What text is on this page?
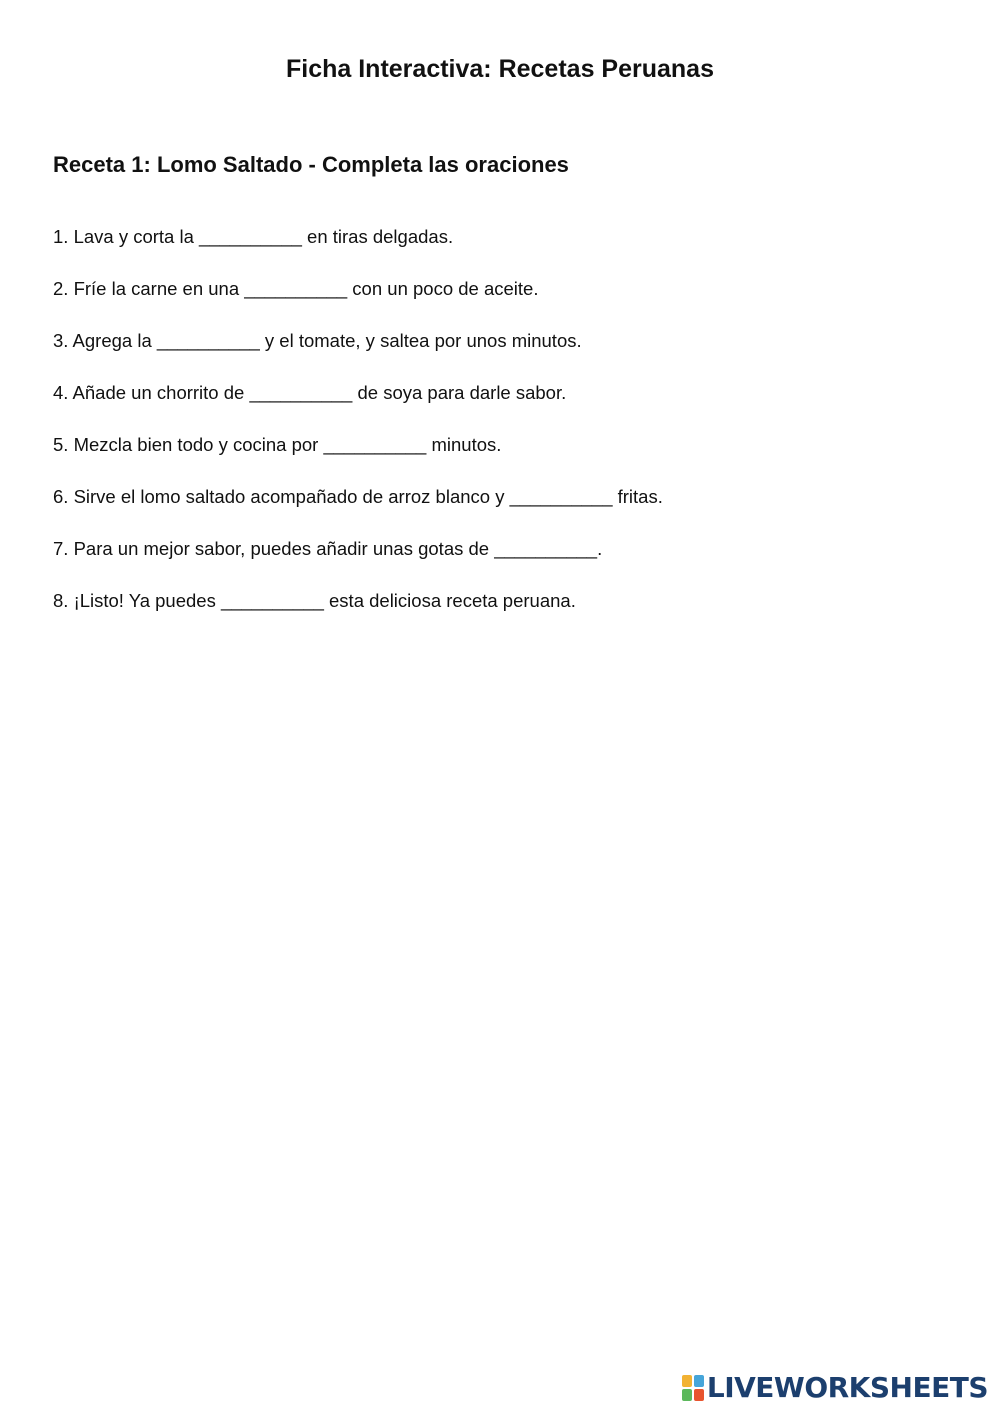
Ficha Interactiva: Recetas Peruanas
Receta 1: Lomo Saltado - Completa las oraciones
1. Lava y corta la __________ en tiras delgadas.
2. Fríe la carne en una __________ con un poco de aceite.
3. Agrega la __________ y el tomate, y saltea por unos minutos.
4. Añade un chorrito de __________ de soya para darle sabor.
5. Mezcla bien todo y cocina por __________ minutos.
6. Sirve el lomo saltado acompañado de arroz blanco y __________ fritas.
7. Para un mejor sabor, puedes añadir unas gotas de __________.
8. ¡Listo! Ya puedes __________ esta deliciosa receta peruana.
LIVEWORKSHEETS
